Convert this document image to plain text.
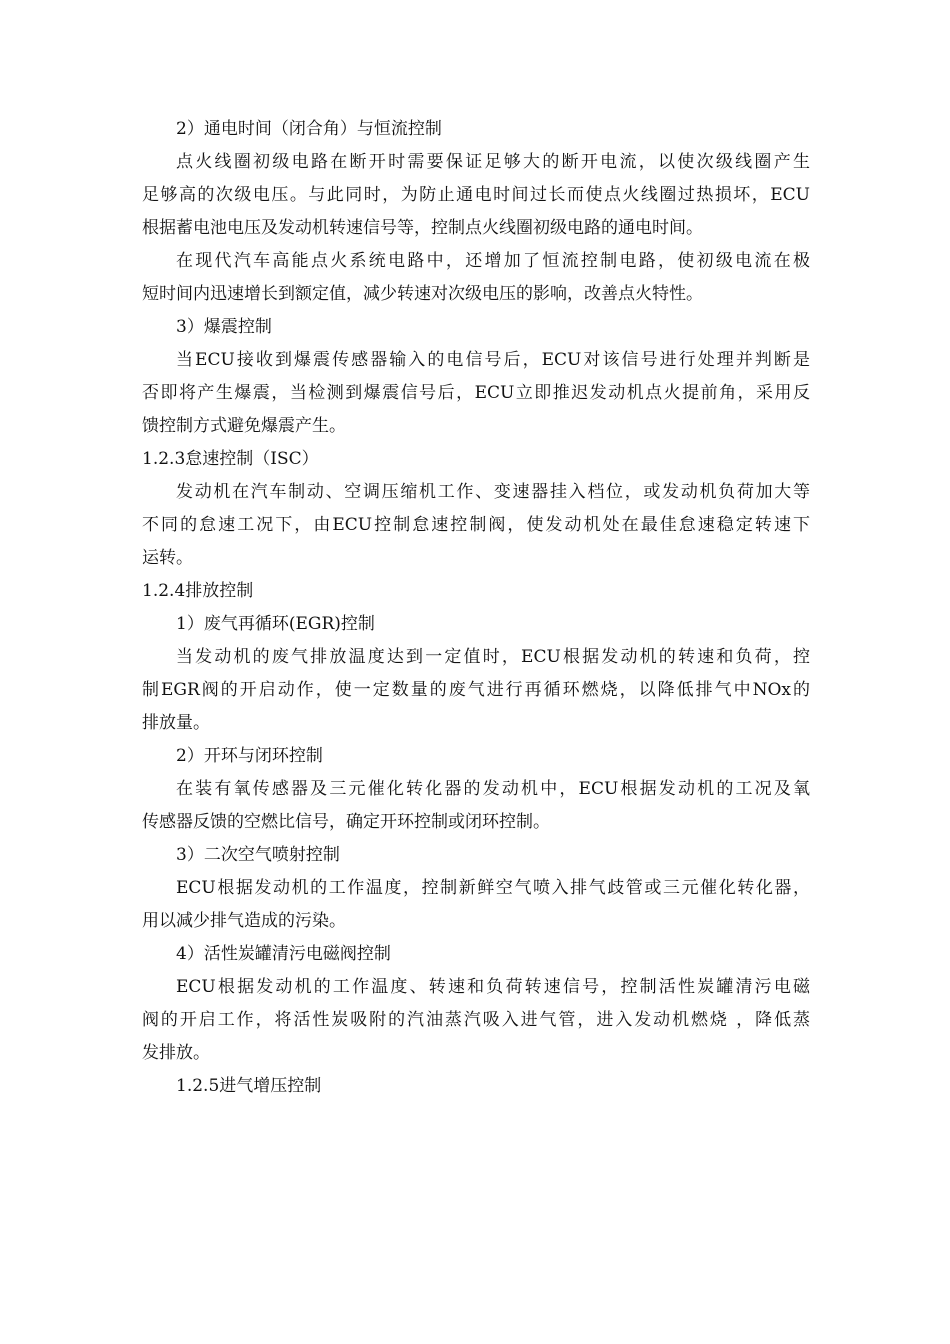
2）通电时间（闭合角）与恒流控制
点火线圈初级电路在断开时需要保证足够大的断开电流，以使次级线圈产生
足够高的次级电压。与此同时，为防止通电时间过长而使点火线圈过热损坏，ECU
根据蓄电池电压及发动机转速信号等，控制点火线圈初级电路的通电时间。
在现代汽车高能点火系统电路中，还增加了恒流控制电路，使初级电流在极
短时间内迅速增长到额定值，减少转速对次级电压的影响，改善点火特性。
3）爆震控制
当ECU接收到爆震传感器输入的电信号后，ECU对该信号进行处理并判断是
否即将产生爆震，当检测到爆震信号后，ECU立即推迟发动机点火提前角，采用反
馈控制方式避免爆震产生。
1.2.3怠速控制（ISC）
发动机在汽车制动、空调压缩机工作、变速器挂入档位，或发动机负荷加大等
不同的怠速工况下，由ECU控制怠速控制阀，使发动机处在最佳怠速稳定转速下
运转。
1.2.4排放控制
1）废气再循环(EGR)控制
当发动机的废气排放温度达到一定值时，ECU根据发动机的转速和负荷，控
制EGR阀的开启动作，使一定数量的废气进行再循环燃烧，以降低排气中NOx的
排放量。
2）开环与闭环控制
在装有氧传感器及三元催化转化器的发动机中，ECU根据发动机的工况及氧
传感器反馈的空燃比信号，确定开环控制或闭环控制。
3）二次空气喷射控制
ECU根据发动机的工作温度，控制新鲜空气喷入排气歧管或三元催化转化器，
用以减少排气造成的污染。
4）活性炭罐清污电磁阀控制
ECU根据发动机的工作温度、转速和负荷转速信号，控制活性炭罐清污电磁
阀的开启工作，将活性炭吸附的汽油蒸汽吸入进气管，进入发动机燃烧 ，降低蒸
发排放。
1.2.5进气增压控制
